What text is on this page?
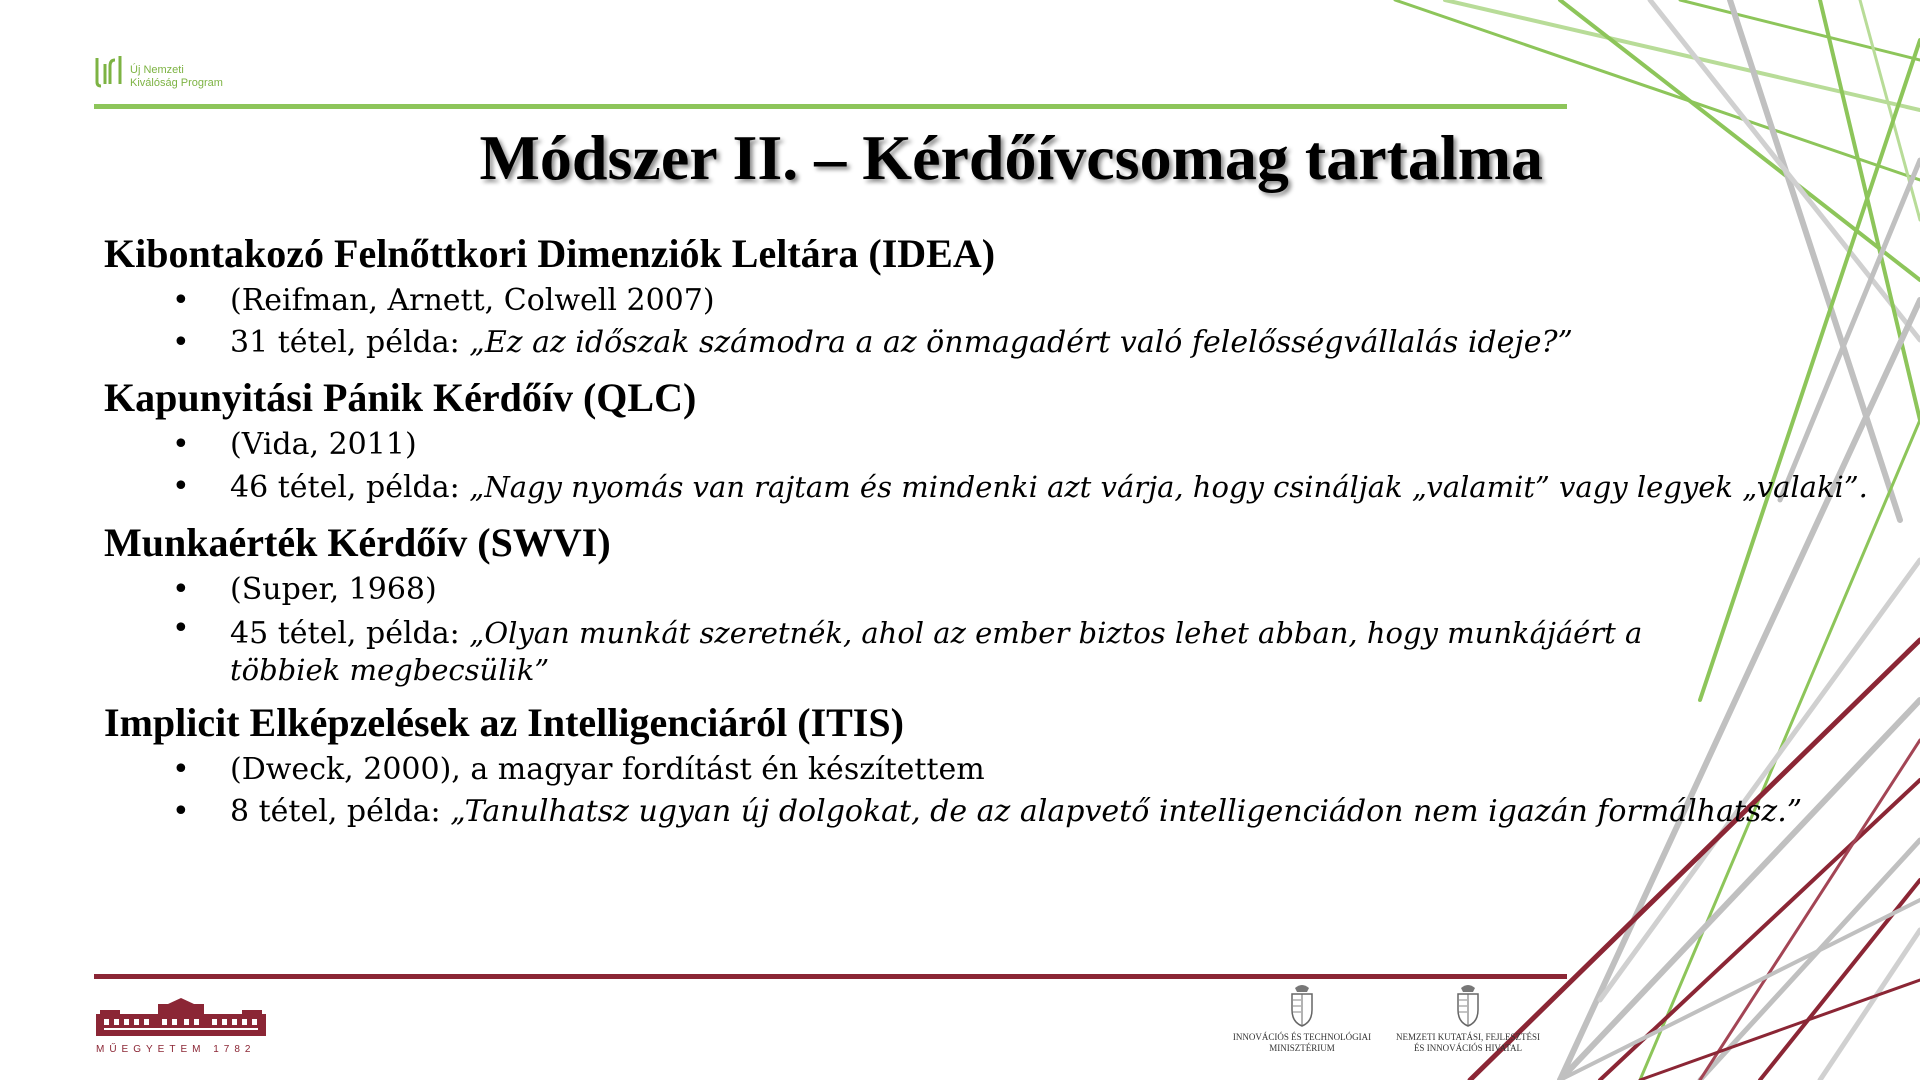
Új Nemzeti
Kiválóság Program
Módszer II. – Kérdőívcsomag tartalma
Kibontakozó Felnőttkori Dimenziók Leltára (IDEA)
• (Reifman, Arnett, Colwell 2007)
• 31 tétel, példa: „Ez az időszak számodra a az önmagadért való felelősségvállalás ideje?”
Kapunyitási Pánik Kérdőív (QLC)
• (Vida, 2011)
• 46 tétel, példa: „Nagy nyomás van rajtam és mindenki azt várja, hogy csináljak „valamit” vagy legyek „valaki”.
Munkaérték Kérdőív (SWVI)
• (Super, 1968)
• 45 tétel, példa: „Olyan munkát szeretnék, ahol az ember biztos lehet abban, hogy munkájáért a többiek megbecsülik”
Implicit Elképzelések az Intelligenciáról (ITIS)
• (Dweck, 2000), a magyar fordítást én készítettem
• 8 tétel, példa: „Tanulhatsz ugyan új dolgokat, de az alapvető intelligenciádon nem igazán formálhatsz.”
MŰEGYETEM 1782
INNOVÁCIÓS ÉS TECHNOLÓGIAI
MINISZTÉRIUM
NEMZETI KUTATÁSI, FEJLESZTÉSI
ÉS INNOVÁCIÓS HIVATAL
